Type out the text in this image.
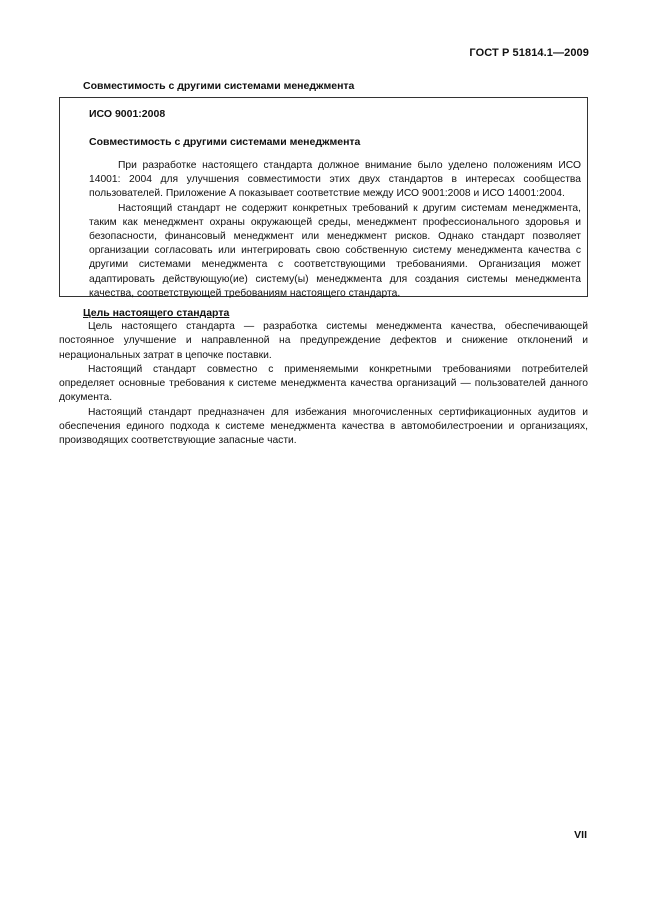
ГОСТ Р 51814.1—2009
Совместимость с другими системами менеджмента

ИСО 9001:2008

Совместимость с другими системами менеджмента

При разработке настоящего стандарта должное внимание было уделено положениям ИСО 14001: 2004 для улучшения совместимости этих двух стандартов в интересах сообщества пользователей. Приложение А показывает соответствие между ИСО 9001:2008 и ИСО 14001:2004.

Настоящий стандарт не содержит конкретных требований к другим системам менеджмента, таким как менеджмент охраны окружающей среды, менеджмент профессионального здоровья и безопасности, финансовый менеджмент или менеджмент рисков. Однако стандарт позволяет организации согласовать или интегрировать свою собственную систему менеджмента качества с другими системами менеджмента с соответствующими требованиями. Организация может адаптировать действующую(ие) систему(ы) менеджмента для создания системы менеджмента качества, соответствующей требованиям настоящего стандарта.

Цель настоящего стандарта

Цель настоящего стандарта — разработка системы менеджмента качества, обеспечивающей постоянное улучшение и направленной на предупреждение дефектов и снижение отклонений и нерациональных затрат в цепочке поставки.

Настоящий стандарт совместно с применяемыми конкретными требованиями потребителей определяет основные требования к системе менеджмента качества организаций — пользователей данного документа.

Настоящий стандарт предназначен для избежания многочисленных сертификационных аудитов и обеспечения единого подхода к системе менеджмента качества в автомобилестроении и организациях, производящих соответствующие запасные части.

VII
